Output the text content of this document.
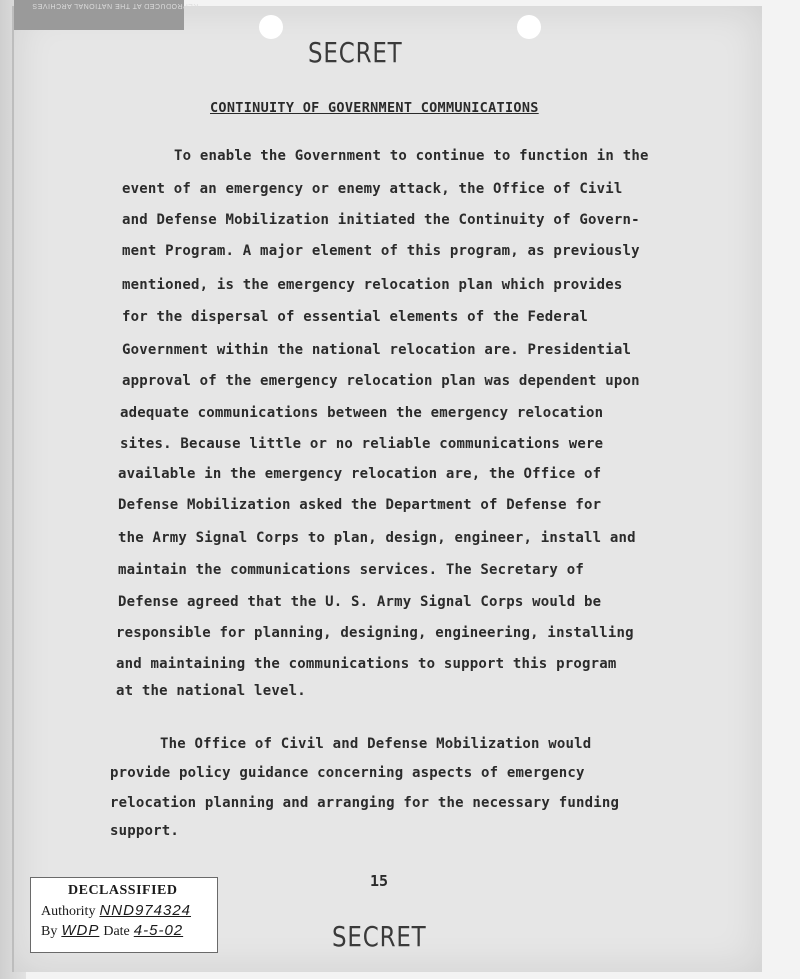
REPRODUCED AT THE NATIONAL ARCHIVES
SECRET
CONTINUITY OF GOVERNMENT COMMUNICATIONS
To enable the Government to continue to function in the
event of an emergency or enemy attack, the Office of Civil
and Defense Mobilization initiated the Continuity of Govern-
ment Program. A major element of this program, as previously
mentioned, is the emergency relocation plan which provides
for the dispersal of essential elements of the Federal
Government within the national relocation are. Presidential
approval of the emergency relocation plan was dependent upon
adequate communications between the emergency relocation
sites. Because little or no reliable communications were
available in the emergency relocation are, the Office of
Defense Mobilization asked the Department of Defense for
the Army Signal Corps to plan, design, engineer, install and
maintain the communications services. The Secretary of
Defense agreed that the U. S. Army Signal Corps would be
responsible for planning, designing, engineering, installing
and maintaining the communications to support this program
at the national level.
The Office of Civil and Defense Mobilization would
provide policy guidance concerning aspects of emergency
relocation planning and arranging for the necessary funding
support.
15
DECLASSIFIED
Authority NND974324
By WDP Date 4-5-02	SECRET
